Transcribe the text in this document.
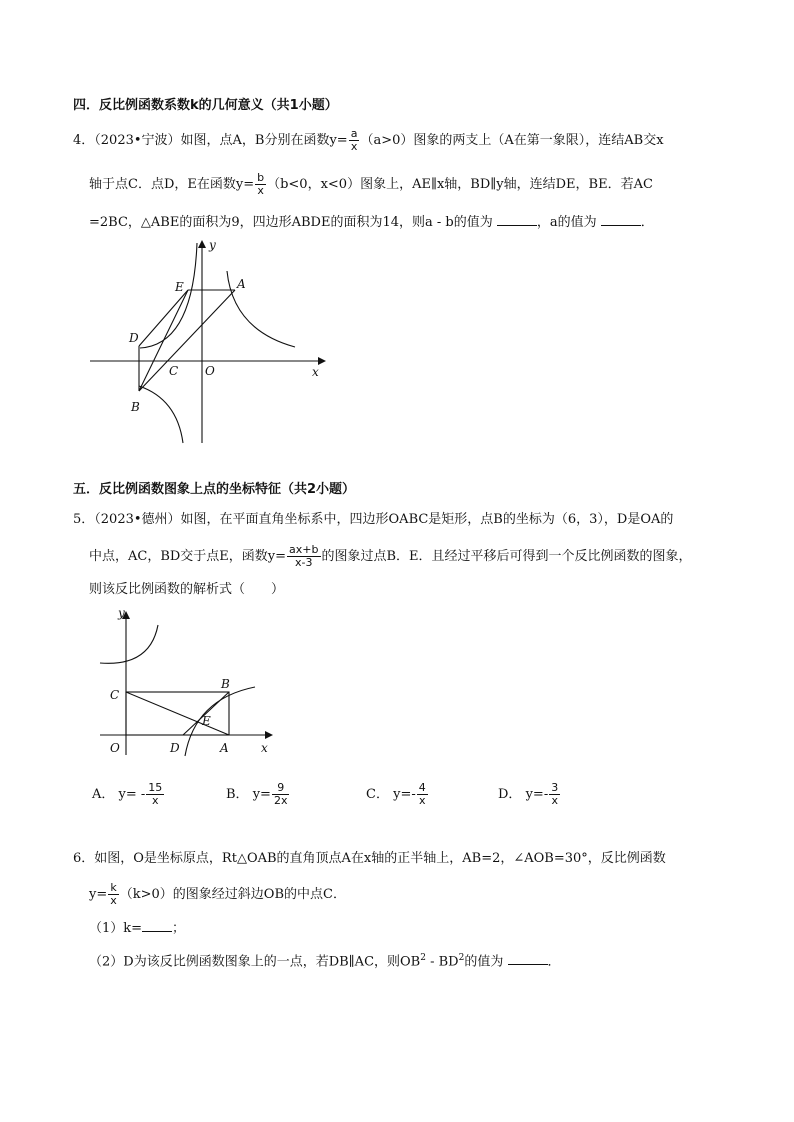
四．反比例函数系数k的几何意义（共1小题）
4．（2023•宁波）如图，点A，B分别在函数$y= \frac{a}{x} (a>0)$图象的两支上（A在第一象限），连结AB交x
轴于点C．点D，E在函数$y= \frac{b}{x} (b<0$，x<0）图象上，AE∥x轴，BD∥y轴，连结DE，BE．若AC
=2BC，△ABE的面积为9，四边形ABDE的面积为14，则a - b的值为	，a的值为	．
y
x
E	A
D
C O
B
五．反比例函数图象上点的坐标特征（共2小题）
5．（2023•德州）如图，在平面直角坐标系中，四边形OABC是矩形，点B的坐标为（6，3），D是OA的
中点，AC，BD交于点E，函数$y= \frac{ax+b}{x-3}$ 的图象过点B．E．且经过平移后可得到一个反比例函数的图象，
则该反比例函数的解析式（　　）
y
x
B
C
E
O	D	A
A． $y= - \frac{15}{x}$	B． $y= \frac{9}{2x}$	C． $y=- \frac{4}{x}$	D． $y=- \frac{3}{x}$
6．如图，O是坐标原点，Rt△OAB的直角顶点A在x轴的正半轴上，AB=2，∠AOB=30°，反比例函数
$y= \frac{k}{x} (k>0)$的图象经过斜边OB的中点C．
（1）k= ；
（2）D为该反比例函数图象上的一点，若DB∥AC，则$OB^2 - BD^2$的值为	．
